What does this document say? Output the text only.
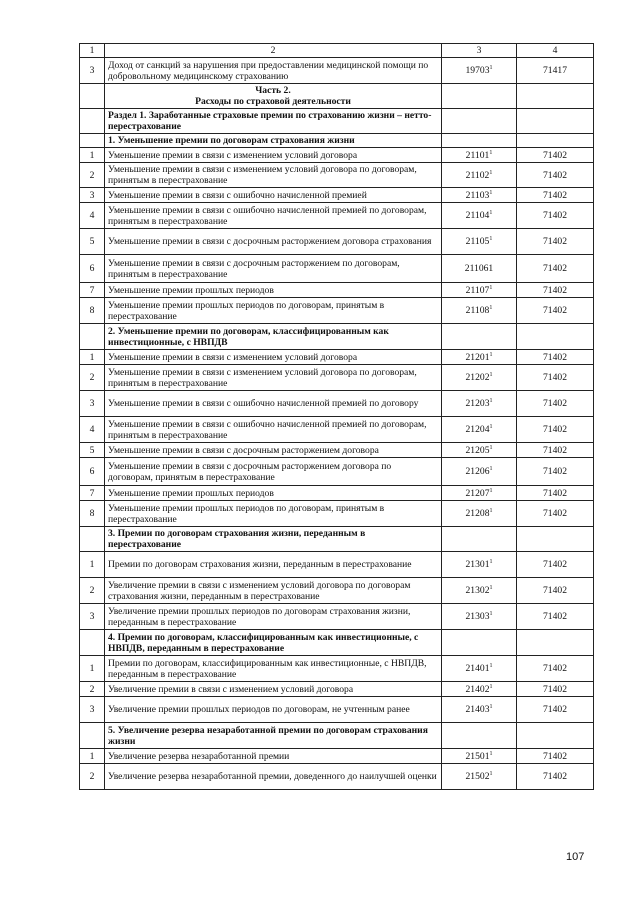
1	2	3	4
3	Доход от санкций за нарушения при предоставлении медицинской помощи по добровольному медицинскому страхованию	19703$^1$	71417

	Часть 2.
Расходы по страховой деятельности		

	Раздел 1. Заработанные страховые премии по страхованию жизни – нетто-перестрахование		
	1. Уменьшение премии по договорам страхования жизни		
1	Уменьшение премии в связи с изменением условий договора	21101$^1$	71402
2	Уменьшение премии в связи с изменением условий договора по договорам, принятым в перестрахование	21102$^1$	71402
3	Уменьшение премии в связи с ошибочно начисленной премией	21103$^1$	71402
4	Уменьшение премии в связи с ошибочно начисленной премией по договорам, принятым в перестрахование	21104$^1$	71402
5	Уменьшение премии в связи с досрочным расторжением договора страхования	21105$^1$	71402
6	Уменьшение премии в связи с досрочным расторжением по договорам, принятым в перестрахование	211061	71402
7	Уменьшение премии прошлых периодов	21107$^1$	71402
8	Уменьшение премии прошлых периодов по договорам, принятым в перестрахование	21108$^1$	71402
	2. Уменьшение премии по договорам, классифицированным как инвестиционные, с НВПДВ		
1	Уменьшение премии в связи с изменением условий договора	21201$^1$	71402
2	Уменьшение премии в связи с изменением условий договора по договорам, принятым в перестрахование	21202$^1$	71402
3	Уменьшение премии в связи с ошибочно начисленной премией по договору	21203$^1$	71402
4	Уменьшение премии в связи с ошибочно начисленной премией по договорам, принятым в перестрахование	21204$^1$	71402
5	Уменьшение премии в связи с досрочным расторжением договора	21205$^1$	71402
6	Уменьшение премии в связи с досрочным расторжением договора по договорам, принятым в перестрахование	21206$^1$	71402
7	Уменьшение премии прошлых периодов	21207$^1$	71402
8	Уменьшение премии прошлых периодов по договорам, принятым в перестрахование	21208$^1$	71402
	3. Премии по договорам страхования жизни, переданным в перестрахование		
1	Премии по договорам страхования жизни, переданным в перестрахование	21301$^1$	71402
2	Увеличение премии в связи с изменением условий договора по договорам страхования жизни, переданным в перестрахование	21302$^1$	71402
3	Увеличение премии прошлых периодов по договорам страхования жизни, переданным в перестрахование	21303$^1$	71402
	4. Премии по договорам, классифицированным как инвестиционные, с НВПДВ, переданным в перестрахование		
1	Премии по договорам, классифицированным как инвестиционные, с НВПДВ, переданным в перестрахование	21401$^1$	71402
2	Увеличение премии в связи с изменением условий договора	21402$^1$	71402
3	Увеличение премии прошлых периодов по договорам, не учтенным ранее	21403$^1$	71402
	5. Увеличение резерва незаработанной премии по договорам страхования жизни		
1	Увеличение резерва незаработанной премии	21501$^1$	71402
2	Увеличение резерва незаработанной премии, доведенного до наилучшей оценки	21502$^1$	71402
107
